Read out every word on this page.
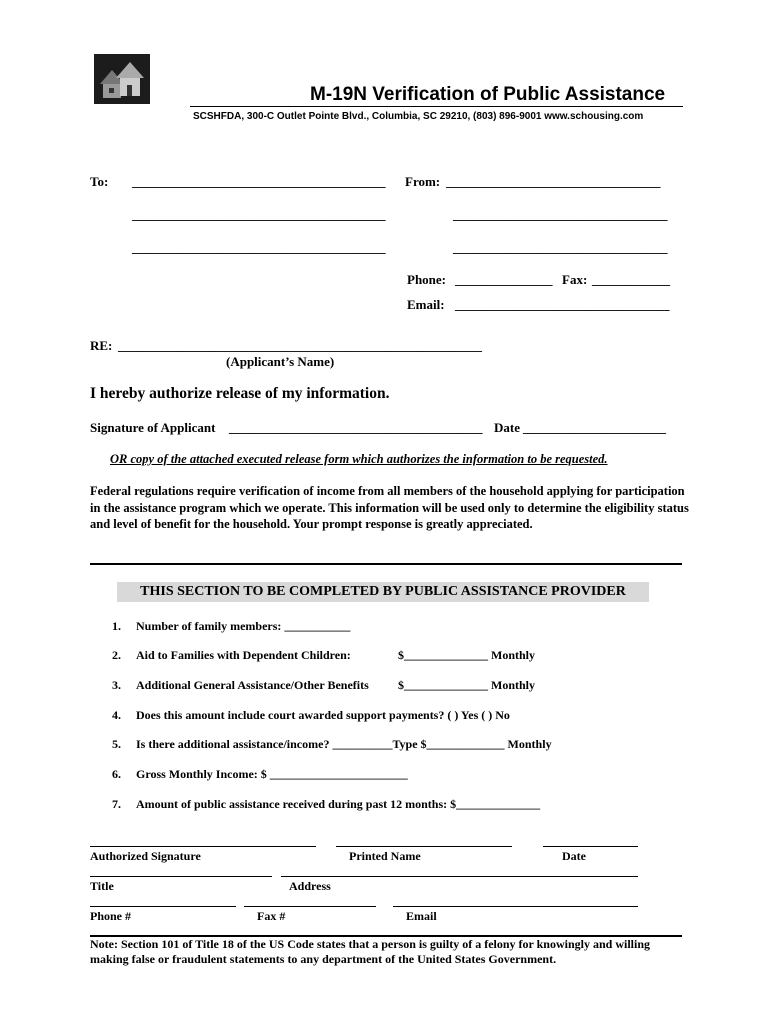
M-19N Verification of Public Assistance
SCSHFDA, 300-C Outlet Pointe Blvd., Columbia, SC 29210, (803) 896-9001 www.schousing.com
To: _______________________________________ From: _________________________________
_______________________________________	_________________________________
_______________________________________	_________________________________
Phone: _______________ Fax: ____________
Email: _________________________________
RE: ________________________________________________________
(Applicant’s Name)
I hereby authorize release of my information.
Signature of Applicant _______________________________________ Date ______________________
OR copy of the attached executed release form which authorizes the information to be requested.
Federal regulations require verification of income from all members of the household applying for participation in the assistance program which we operate. This information will be used only to determine the eligibility status and level of benefit for the household. Your prompt response is greatly appreciated.
THIS SECTION TO BE COMPLETED BY PUBLIC ASSISTANCE PROVIDER
1. Number of family members: ___________
2. Aid to Families with Dependent Children:	$______________ Monthly
3. Additional General Assistance/Other Benefits $______________ Monthly
4. Does this amount include court awarded support payments? ( ) Yes ( ) No
5. Is there additional assistance/income? __________Type $_____________ Monthly
6. Gross Monthly Income: $ _______________________
7. Amount of public assistance received during past 12 months: $______________
Authorized Signature	Printed Name	Date
Title	Address
Phone #	Fax #	Email
Note: Section 101 of Title 18 of the US Code states that a person is guilty of a felony for knowingly and willing making false or fraudulent statements to any department of the United States Government.
